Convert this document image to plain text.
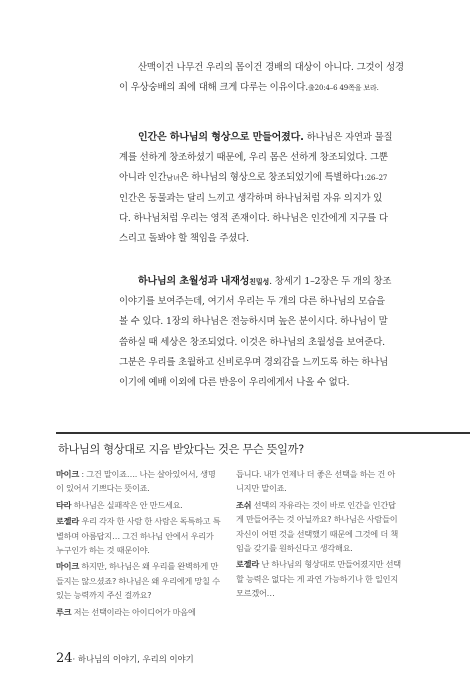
산맥이건 나무건 우리의 몸이건 경배의 대상이 아니다. 그것이 성경

이 우상숭배의 죄에 대해 크게 다루는 이유이다.출20:4–6 49쪽을 보라.

인간은 하나님의 형상으로 만들어졌다. 하나님은 자연과 물질

계를 선하게 창조하셨기 때문에, 우리 몸은 선하게 창조되었다. 그뿐

아니라 인간남녀은 하나님의 형상으로 창조되었기에 특별하다1:26–27

인간은 동물과는 달리 느끼고 생각하며 하나님처럼 자유 의지가 있

다. 하나님처럼 우리는 영적 존재이다. 하나님은 인간에게 지구를 다

스리고 돌봐야 할 책임을 주셨다.

하나님의 초월성과 내재성친밀성. 창세기 1–2장은 두 개의 창조

이야기를 보여주는데, 여기서 우리는 두 개의 다른 하나님의 모습을

볼 수 있다. 1장의 하나님은 전능하시며 높은 분이시다. 하나님이 말

씀하실 때 세상은 창조되었다. 이것은 하나님의 초월성을 보여준다.

그분은 우리를 초월하고 신비로우며 경외감을 느끼도록 하는 하나님

이기에 예배 이외에 다른 반응이 우리에게서 나올 수 없다.

하나님의 형상대로 지음 받았다는 것은 무슨 뜻일까?

마이크 : 그건 말이죠…. 나는 살아있어서, 생명이 있어서 기쁘다는 뜻이죠.

타라 하나님은 실패작은 안 만드세요.

로젤라 우리 각자 한 사람 한 사람은 독특하고 특별하며 아름답지… 그건 하나님 안에서 우리가 누구인가 하는 것 때문이야.

마이크 하지만, 하나님은 왜 우리를 완벽하게 만들지는 않으셨죠? 하나님은 왜 우리에게 망칠 수 있는 능력까지 주신 걸까요?

루크 저는 선택이라는 아이디어가 마음에

듭니다. 내가 언제나 더 좋은 선택을 하는 건 아니지만 말이죠.

조쉬 선택의 자유라는 것이 바로 인간을 인간답게 만들어주는 것 아닐까요? 하나님은 사람들이 자신이 어떤 것을 선택했기 때문에 그것에 더 책임을 갖기를 원하신다고 생각해요.

로젤라 난 하나님의 형상대로 만들어졌지만 선택할 능력은 없다는 게 과연 가능하기나 한 일인지 모르겠어…

24· 하나님의 이야기, 우리의 이야기
